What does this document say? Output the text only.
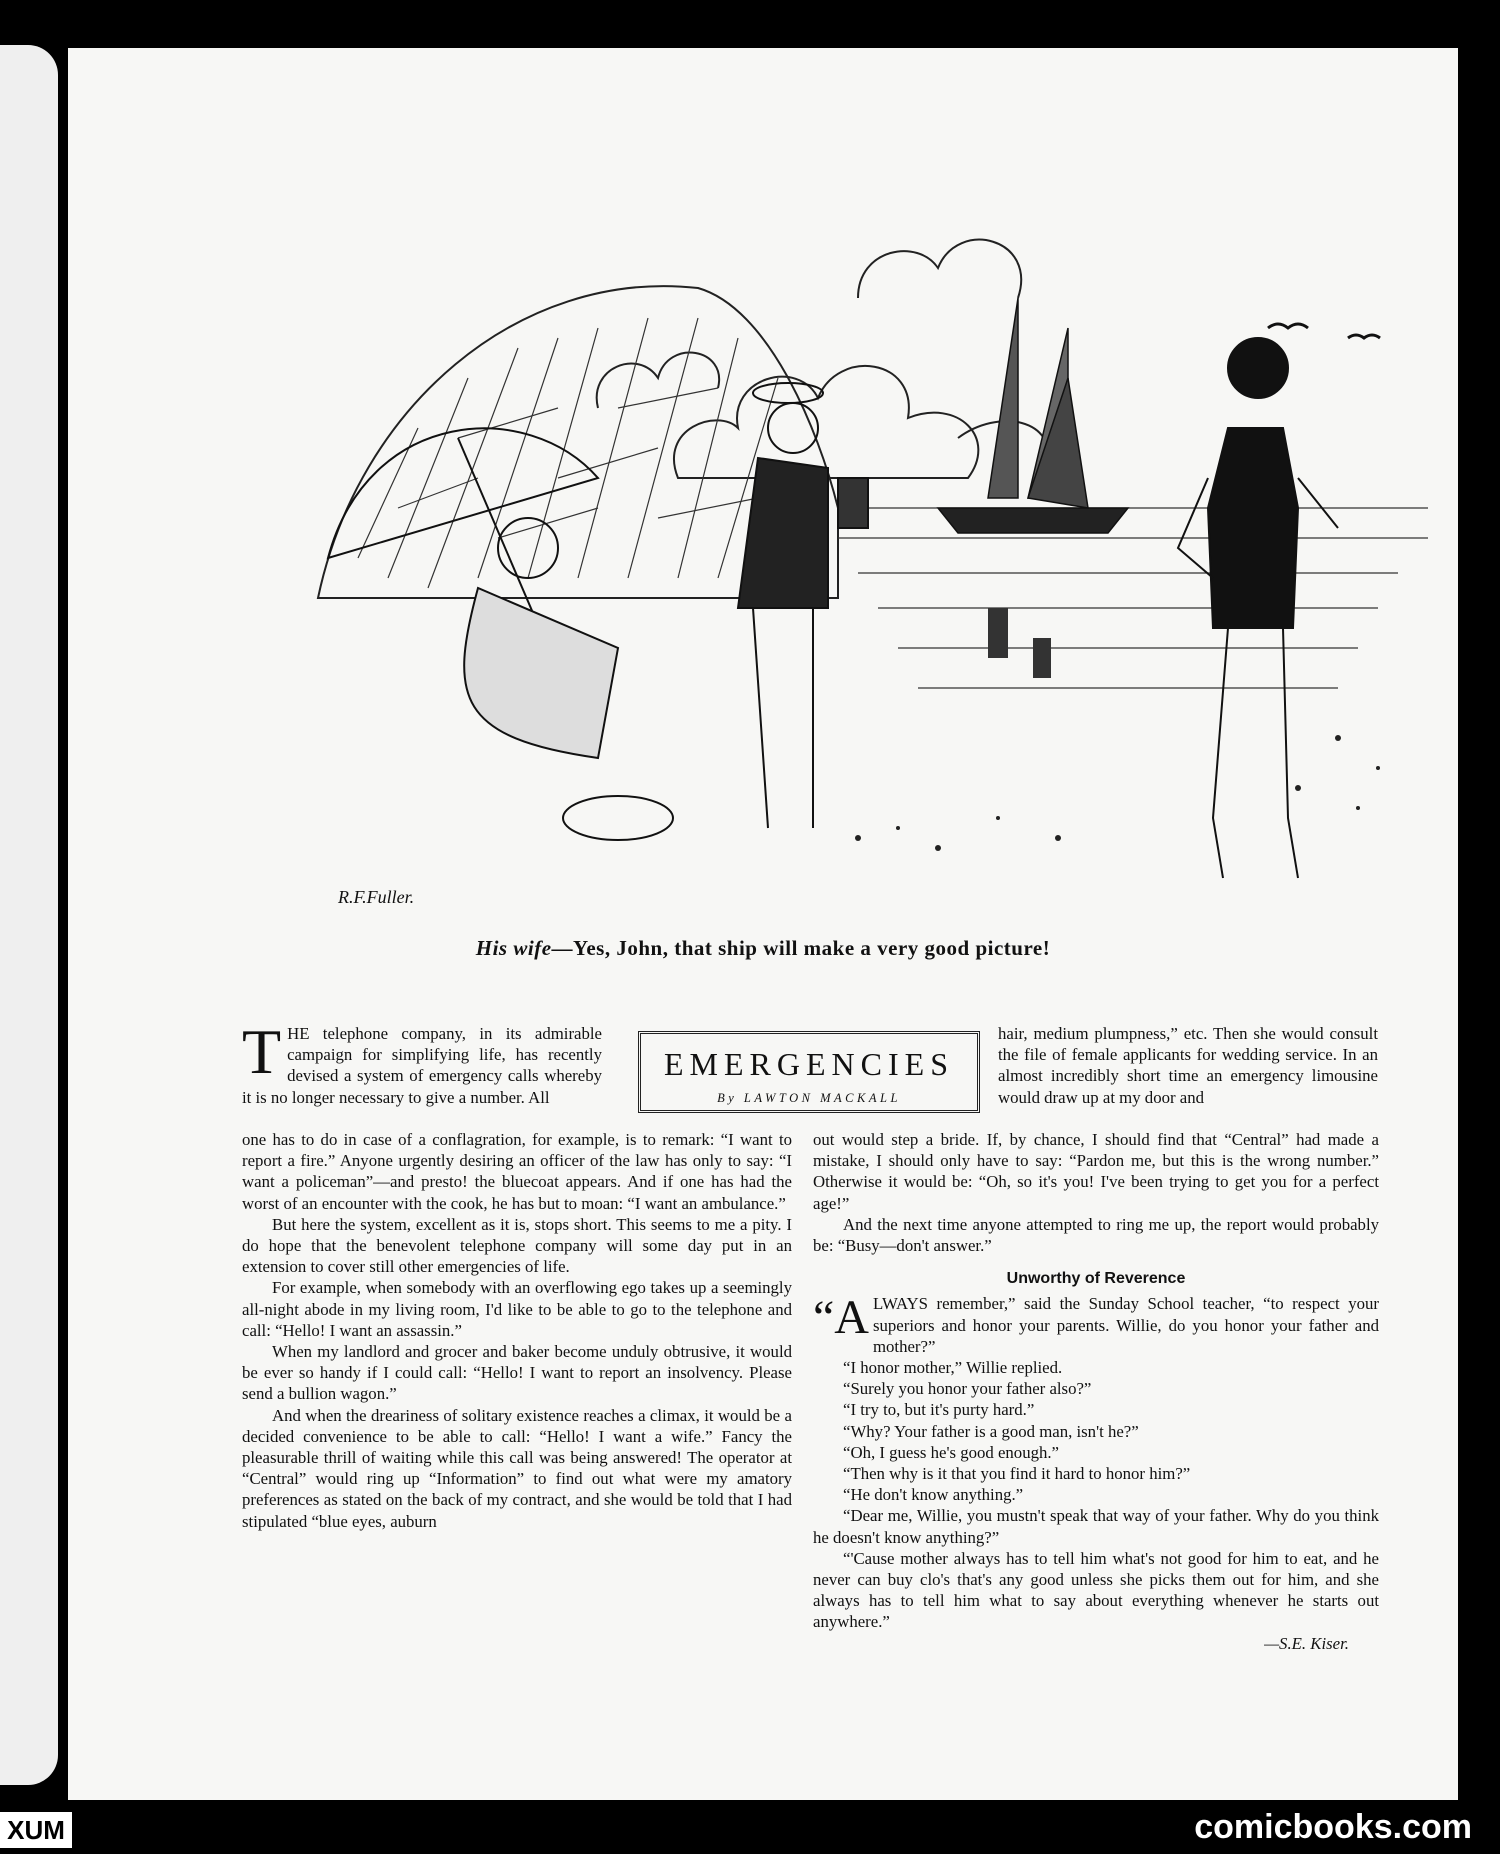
R.F.Fuller.
His wife—Yes, John, that ship will make a very good picture!
EMERGENCIES
By LAWTON MACKALL

THE telephone company, in its admirable campaign for simplifying life, has recently devised a system of emergency calls whereby it is no longer necessary to give a number. All

one has to do in case of a conflagration, for example, is to remark: “I want to report a fire.” Anyone urgently desiring an officer of the law has only to say: “I want a policeman”—and presto! the bluecoat appears. And if one has had the worst of an encounter with the cook, he has but to moan: “I want an ambulance.”

But here the system, excellent as it is, stops short. This seems to me a pity. I do hope that the benevolent telephone company will some day put in an extension to cover still other emergencies of life.

For example, when somebody with an overflowing ego takes up a seemingly all-night abode in my living room, I'd like to be able to go to the telephone and call: “Hello! I want an assassin.”

When my landlord and grocer and baker become unduly obtrusive, it would be ever so handy if I could call: “Hello! I want to report an insolvency. Please send a bullion wagon.”

And when the dreariness of solitary existence reaches a climax, it would be a decided convenience to be able to call: “Hello! I want a wife.” Fancy the pleasurable thrill of waiting while this call was being answered! The operator at “Central” would ring up “Information” to find out what were my amatory preferences as stated on the back of my contract, and she would be told that I had stipulated “blue eyes, auburn

hair, medium plumpness,” etc. Then she would consult the file of female applicants for wedding service. In an almost incredibly short time an emergency limousine would draw up at my door and

out would step a bride. If, by chance, I should find that “Central” had made a mistake, I should only have to say: “Pardon me, but this is the wrong number.” Otherwise it would be: “Oh, so it's you! I've been trying to get you for a perfect age!”

And the next time anyone attempted to ring me up, the report would probably be: “Busy—don't answer.”

Unworthy of Reverence

“ALWAYS remember,” said the Sunday School teacher, “to respect your superiors and honor your parents. Willie, do you honor your father and mother?”

“I honor mother,” Willie replied.

“Surely you honor your father also?”

“I try to, but it's purty hard.”

“Why? Your father is a good man, isn't he?”

“Oh, I guess he's good enough.”

“Then why is it that you find it hard to honor him?”

“He don't know anything.”

“Dear me, Willie, you mustn't speak that way of your father. Why do you think he doesn't know anything?”

“'Cause mother always has to tell him what's not good for him to eat, and he never can buy clo's that's any good unless she picks them out for him, and she always has to tell him what to say about everything whenever he starts out anywhere.”

—S.E. Kiser.

XUM	comicbooks.com
